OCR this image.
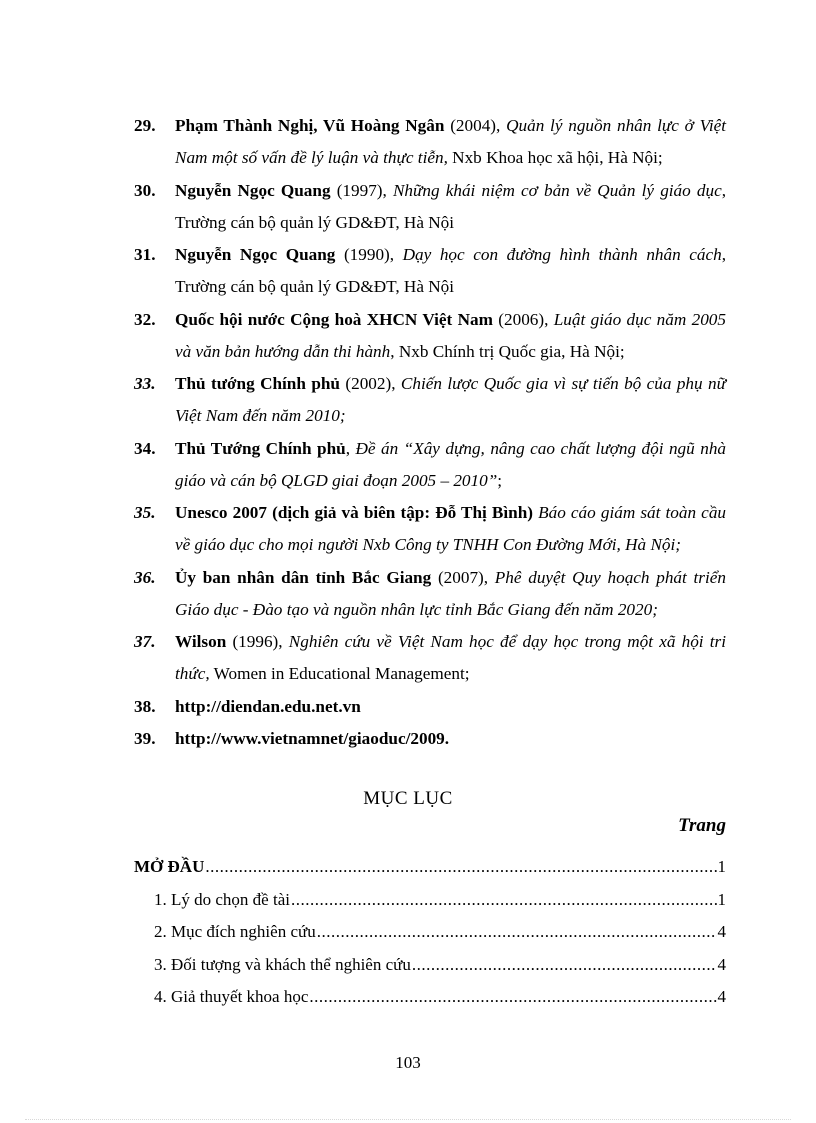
29. Phạm Thành Nghị, Vũ Hoàng Ngân (2004), Quản lý nguồn nhân lực ở Việt Nam một số vấn đề lý luận và thực tiễn, Nxb Khoa học xã hội, Hà Nội;
30. Nguyễn Ngọc Quang (1997), Những khái niệm cơ bản về Quản lý giáo dục, Trường cán bộ quản lý GD&ĐT, Hà Nội
31. Nguyễn Ngọc Quang (1990), Dạy học con đường hình thành nhân cách, Trường cán bộ quản lý GD&ĐT, Hà Nội
32. Quốc hội nước Cộng hoà XHCN Việt Nam (2006), Luật giáo dục năm 2005 và văn bản hướng dẫn thi hành, Nxb Chính trị Quốc gia, Hà Nội;
33. Thủ tướng Chính phủ (2002), Chiến lược Quốc gia vì sự tiến bộ của phụ nữ Việt Nam đến năm 2010;
34. Thủ Tướng Chính phủ, Đề án “Xây dựng, nâng cao chất lượng đội ngũ nhà giáo và cán bộ QLGD giai đoạn 2005 – 2010”;
35. Unesco 2007 (dịch giả và biên tập: Đỗ Thị Bình) Báo cáo giám sát toàn cầu về giáo dục cho mọi người Nxb Công ty TNHH Con Đường Mới, Hà Nội;
36. Ủy ban nhân dân tỉnh Bắc Giang (2007), Phê duyệt Quy hoạch phát triển Giáo dục - Đào tạo và nguồn nhân lực tỉnh Bắc Giang đến năm 2020;
37. Wilson (1996), Nghiên cứu về Việt Nam học để dạy học trong một xã hội tri thức, Women in Educational Management;
38. http://diendan.edu.net.vn
39. http://www.vietnamnet/giaoduc/2009.
MỤC LỤC
Trang
MỞ ĐẦU .....	1
1. Lý do chọn đề tài .....	1
2. Mục đích nghiên cứu .....	4
3. Đối tượng và khách thể nghiên cứu .....	4
4. Giả thuyết khoa học .....	4
103
